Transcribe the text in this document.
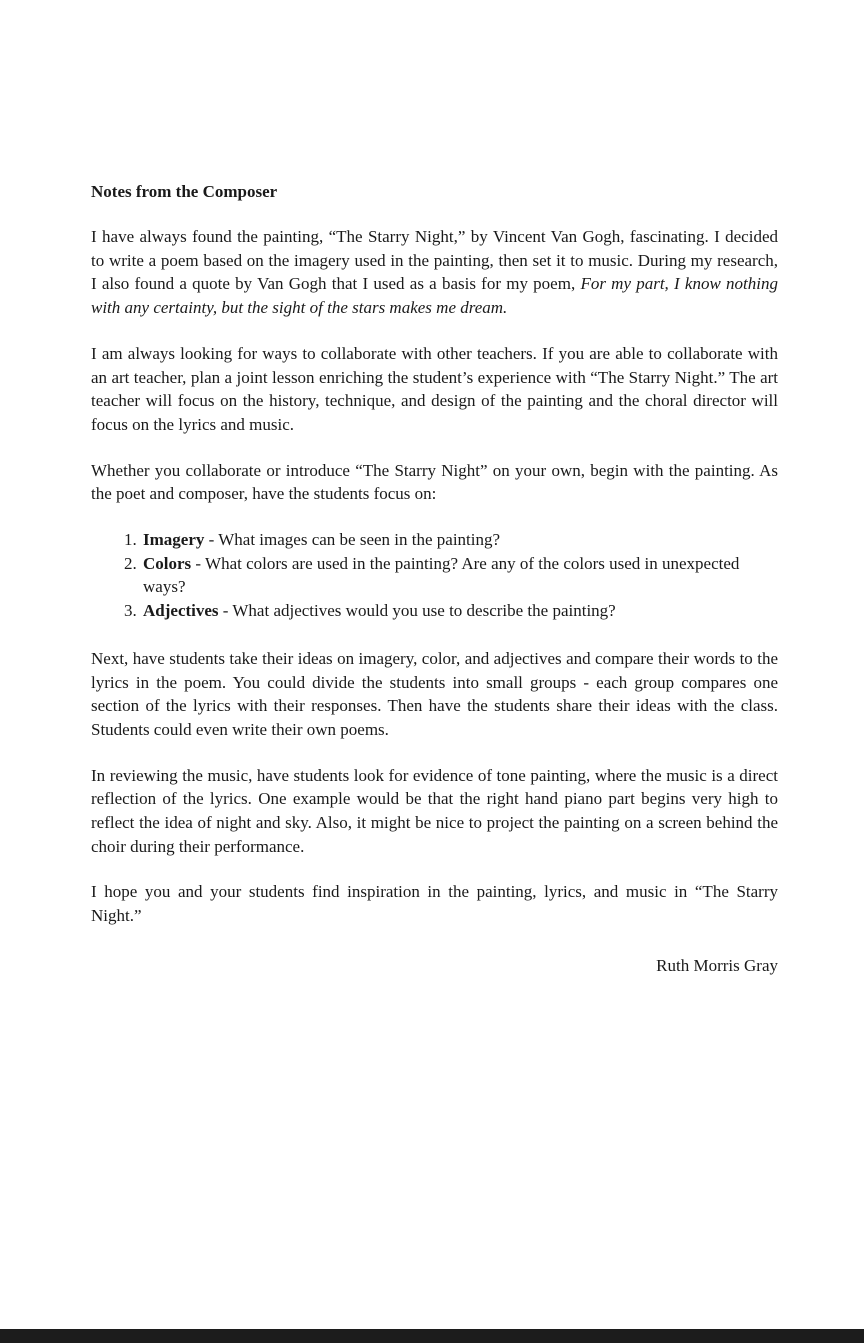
Notes from the Composer

I have always found the painting, “The Starry Night,” by Vincent Van Gogh, fascinating. I decided to write a poem based on the imagery used in the painting, then set it to music. During my research, I also found a quote by Van Gogh that I used as a basis for my poem, For my part, I know nothing with any certainty, but the sight of the stars makes me dream.

I am always looking for ways to collaborate with other teachers. If you are able to collaborate with an art teacher, plan a joint lesson enriching the student’s experience with “The Starry Night.” The art teacher will focus on the history, technique, and design of the painting and the choral director will focus on the lyrics and music.

Whether you collaborate or introduce “The Starry Night” on your own, begin with the painting. As the poet and composer, have the students focus on:

1. Imagery - What images can be seen in the painting?
2. Colors - What colors are used in the painting? Are any of the colors used in unexpected ways?
3. Adjectives - What adjectives would you use to describe the painting?

Next, have students take their ideas on imagery, color, and adjectives and compare their words to the lyrics in the poem. You could divide the students into small groups - each group compares one section of the lyrics with their responses. Then have the students share their ideas with the class. Students could even write their own poems.

In reviewing the music, have students look for evidence of tone painting, where the music is a direct reflection of the lyrics. One example would be that the right hand piano part begins very high to reflect the idea of night and sky. Also, it might be nice to project the painting on a screen behind the choir during their performance.

I hope you and your students find inspiration in the painting, lyrics, and music in “The Starry Night.”

Ruth Morris Gray
